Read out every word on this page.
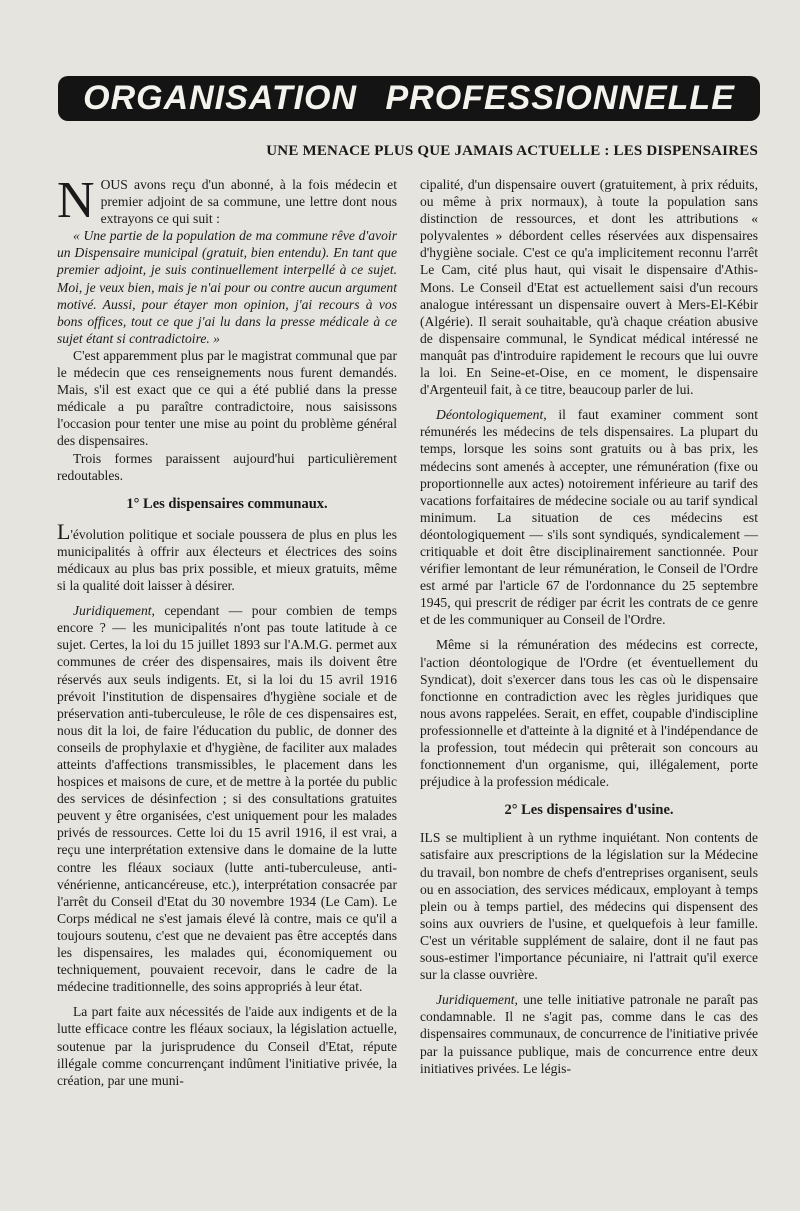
ORGANISATION PROFESSIONNELLE
UNE MENACE PLUS QUE JAMAIS ACTUELLE : LES DISPENSAIRES

NOUS avons reçu d'un abonné, à la fois médecin et premier adjoint de sa commune, une lettre dont nous extrayons ce qui suit :

« Une partie de la population de ma commune rêve d'avoir un Dispensaire municipal (gratuit, bien entendu). En tant que premier adjoint, je suis continuellement interpellé à ce sujet. Moi, je veux bien, mais je n'ai pour ou contre aucun argument motivé. Aussi, pour étayer mon opinion, j'ai recours à vos bons offices, tout ce que j'ai lu dans la presse médicale à ce sujet étant si contradictoire. »

C'est apparemment plus par le magistrat communal que par le médecin que ces renseignements nous furent demandés. Mais, s'il est exact que ce qui a été publié dans la presse médicale a pu paraître contradictoire, nous saisissons l'occasion pour tenter une mise au point du problème général des dispensaires.

Trois formes paraissent aujourd'hui particulièrement redoutables.

1° Les dispensaires communaux.

L'évolution politique et sociale poussera de plus en plus les municipalités à offrir aux électeurs et électrices des soins médicaux au plus bas prix possible, et mieux gratuits, même si la qualité doit laisser à désirer.

Juridiquement, cependant — pour combien de temps encore ? — les municipalités n'ont pas toute latitude à ce sujet. Certes, la loi du 15 juillet 1893 sur l'A.M.G. permet aux communes de créer des dispensaires, mais ils doivent être réservés aux seuls indigents. Et, si la loi du 15 avril 1916 prévoit l'institution de dispensaires d'hygiène sociale et de préservation anti-tuberculeuse, le rôle de ces dispensaires est, nous dit la loi, de faire l'éducation du public, de donner des conseils de prophylaxie et d'hygiène, de faciliter aux malades atteints d'affections transmissibles, le placement dans les hospices et maisons de cure, et de mettre à la portée du public des services de désinfection ; si des consultations gratuites peuvent y être organisées, c'est uniquement pour les malades privés de ressources. Cette loi du 15 avril 1916, il est vrai, a reçu une interprétation extensive dans le domaine de la lutte contre les fléaux sociaux (lutte anti-tuberculeuse, anti-vénérienne, anticancéreuse, etc.), interprétation consacrée par l'arrêt du Conseil d'Etat du 30 novembre 1934 (Le Cam). Le Corps médical ne s'est jamais élevé là contre, mais ce qu'il a toujours soutenu, c'est que ne devaient pas être acceptés dans les dispensaires, les malades qui, économiquement ou techniquement, pouvaient recevoir, dans le cadre de la médecine traditionnelle, des soins appropriés à leur état.

La part faite aux nécessités de l'aide aux indigents et de la lutte efficace contre les fléaux sociaux, la législation actuelle, soutenue par la jurisprudence du Conseil d'Etat, répute illégale comme concurrençant indûment l'initiative privée, la création, par une muni-

cipalité, d'un dispensaire ouvert (gratuitement, à prix réduits, ou même à prix normaux), à toute la population sans distinction de ressources, et dont les attributions « polyvalentes » débordent celles réservées aux dispensaires d'hygiène sociale. C'est ce qu'a implicitement reconnu l'arrêt Le Cam, cité plus haut, qui visait le dispensaire d'Athis-Mons. Le Conseil d'Etat est actuellement saisi d'un recours analogue intéressant un dispensaire ouvert à Mers-El-Kébir (Algérie). Il serait souhaitable, qu'à chaque création abusive de dispensaire communal, le Syndicat médical intéressé ne manquât pas d'introduire rapidement le recours que lui ouvre la loi. En Seine-et-Oise, en ce moment, le dispensaire d'Argenteuil fait, à ce titre, beaucoup parler de lui.

Déontologiquement, il faut examiner comment sont rémunérés les médecins de tels dispensaires. La plupart du temps, lorsque les soins sont gratuits ou à bas prix, les médecins sont amenés à accepter, une rémunération (fixe ou proportionnelle aux actes) notoirement inférieure au tarif des vacations forfaitaires de médecine sociale ou au tarif syndical minimum. La situation de ces médecins est déontologiquement — s'ils sont syndiqués, syndicalement — critiquable et doit être disciplinairement sanctionnée. Pour vérifier lemontant de leur rémunération, le Conseil de l'Ordre est armé par l'article 67 de l'ordonnance du 25 septembre 1945, qui prescrit de rédiger par écrit les contrats de ce genre et de les communiquer au Conseil de l'Ordre.

Même si la rémunération des médecins est correcte, l'action déontologique de l'Ordre (et éventuellement du Syndicat), doit s'exercer dans tous les cas où le dispensaire fonctionne en contradiction avec les règles juridiques que nous avons rappelées. Serait, en effet, coupable d'indiscipline professionnelle et d'atteinte à la dignité et à l'indépendance de la profession, tout médecin qui prêterait son concours au fonctionnement d'un organisme, qui, illégalement, porte préjudice à la profession médicale.

2° Les dispensaires d'usine.

ILS se multiplient à un rythme inquiétant. Non contents de satisfaire aux prescriptions de la législation sur la Médecine du travail, bon nombre de chefs d'entreprises organisent, seuls ou en association, des services médicaux, employant à temps plein ou à temps partiel, des médecins qui dispensent des soins aux ouvriers de l'usine, et quelquefois à leur famille. C'est un véritable supplément de salaire, dont il ne faut pas sous-estimer l'importance pécuniaire, ni l'attrait qu'il exerce sur la classe ouvrière.

Juridiquement, une telle initiative patronale ne paraît pas condamnable. Il ne s'agit pas, comme dans le cas des dispensaires communaux, de concurrence de l'initiative privée par la puissance publique, mais de concurrence entre deux initiatives privées. Le légis-
